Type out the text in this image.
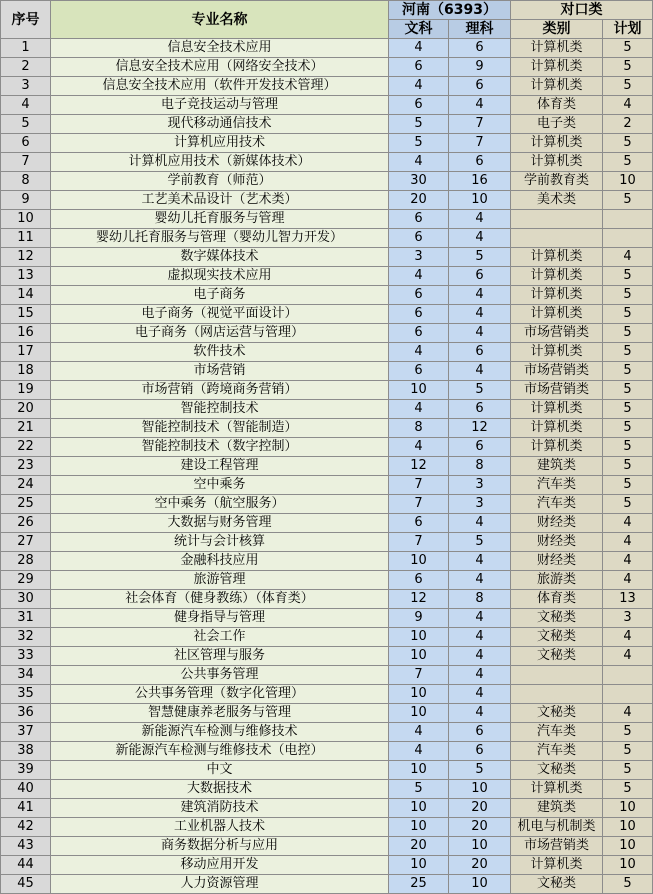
序号	专业名称	河南（6393）		对口类	
		文科	理科	类别	计划
1	信息安全技术应用	4	6	计算机类	5
2	信息安全技术应用（网络安全技术）	6	9	计算机类	5
3	信息安全技术应用（软件开发技术管理）	4	6	计算机类	5
4	电子竞技运动与管理	6	4	体育类	4
5	现代移动通信技术	5	7	电子类	2
6	计算机应用技术	5	7	计算机类	5
7	计算机应用技术（新媒体技术）	4	6	计算机类	5
8	学前教育（师范）	30	16	学前教育类	10
9	工艺美术品设计（艺术类）	20	10	美术类	5
10	婴幼儿托育服务与管理	6	4		
11	婴幼儿托育服务与管理（婴幼儿智力开发）	6	4		
12	数字媒体技术	3	5	计算机类	4
13	虚拟现实技术应用	4	6	计算机类	5
14	电子商务	6	4	计算机类	5
15	电子商务（视觉平面设计）	6	4	计算机类	5
16	电子商务（网店运营与管理）	6	4	市场营销类	5
17	软件技术	4	6	计算机类	5
18	市场营销	6	4	市场营销类	5
19	市场营销（跨境商务营销）	10	5	市场营销类	5
20	智能控制技术	4	6	计算机类	5
21	智能控制技术（智能制造）	8	12	计算机类	5
22	智能控制技术（数字控制）	4	6	计算机类	5
23	建设工程管理	12	8	建筑类	5
24	空中乘务	7	3	汽车类	5
25	空中乘务（航空服务）	7	3	汽车类	5
26	大数据与财务管理	6	4	财经类	4
27	统计与会计核算	7	5	财经类	4
28	金融科技应用	10	4	财经类	4
29	旅游管理	6	4	旅游类	4
30	社会体育（健身教练）（体育类）	12	8	体育类	13
31	健身指导与管理	9	4	文秘类	3
32	社会工作	10	4	文秘类	4
33	社区管理与服务	10	4	文秘类	4
34	公共事务管理	7	4		
35	公共事务管理（数字化管理）	10	4		
36	智慧健康养老服务与管理	10	4	文秘类	4
37	新能源汽车检测与维修技术	4	6	汽车类	5
38	新能源汽车检测与维修技术（电控）	4	6	汽车类	5
39	中文	10	5	文秘类	5
40	大数据技术	5	10	计算机类	5
41	建筑消防技术	10	20	建筑类	10
42	工业机器人技术	10	20	机电与机制类	10
43	商务数据分析与应用	20	10	市场营销类	10
44	移动应用开发	10	20	计算机类	10
45	人力资源管理	25	10	文秘类	5
